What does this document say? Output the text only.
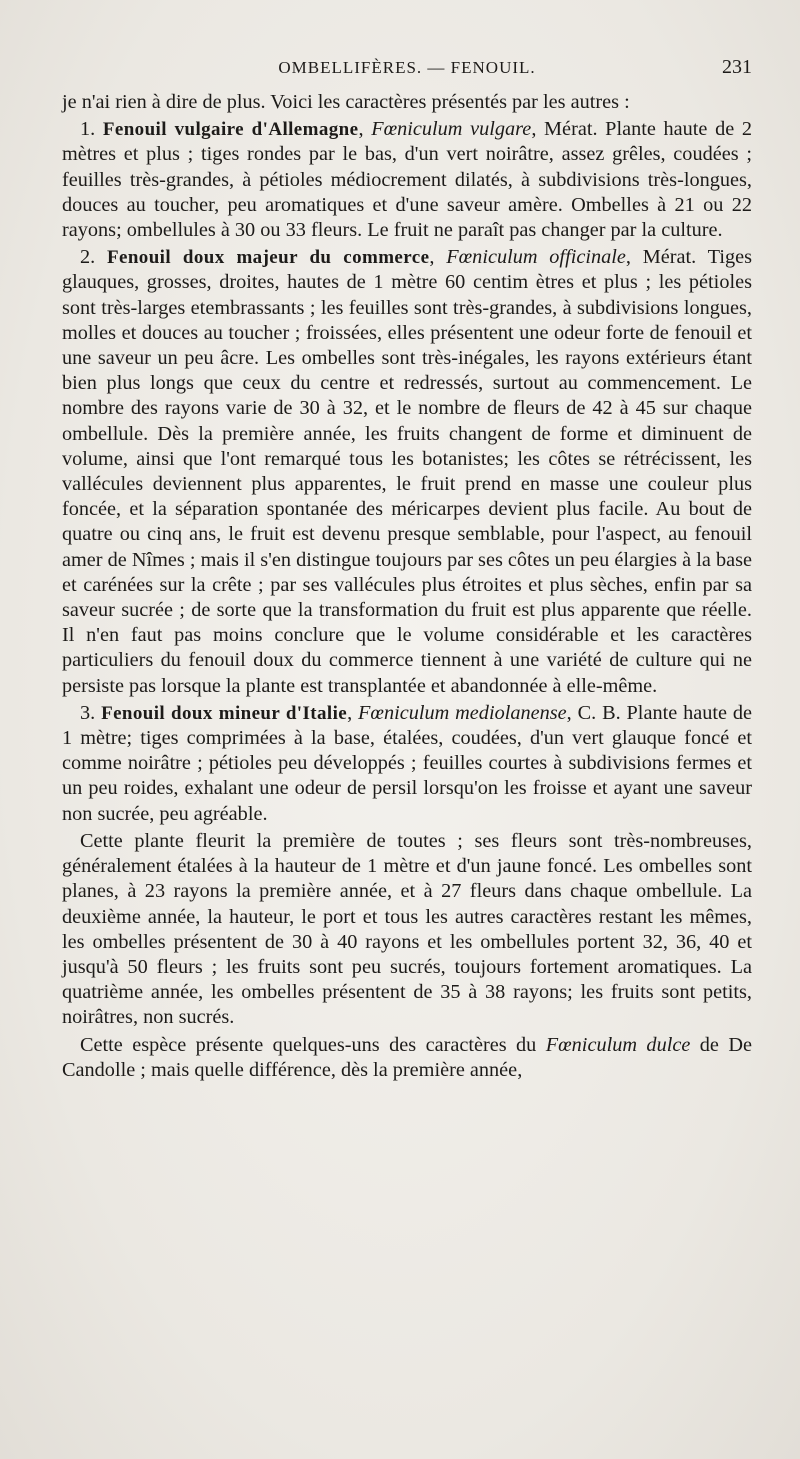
OMBELLIFÈRES. — FENOUIL.	231

je n'ai rien à dire de plus. Voici les caractères présentés par les autres :

1. Fenouil vulgaire d'Allemagne, Fœniculum vulgare, Mérat. Plante haute de 2 mètres et plus ; tiges rondes par le bas, d'un vert noirâtre, assez grêles, coudées ; feuilles très-grandes, à pétioles médiocrement dilatés, à subdivisions très-longues, douces au toucher, peu aromatiques et d'une saveur amère. Ombelles à 21 ou 22 rayons; ombellules à 30 ou 33 fleurs. Le fruit ne paraît pas changer par la culture.

2. Fenouil doux majeur du commerce, Fœniculum officinale, Mérat. Tiges glauques, grosses, droites, hautes de 1 mètre 60 centim ètres et plus ; les pétioles sont très-larges etembrassants ; les feuilles sont très-grandes, à subdivisions longues, molles et douces au toucher ; froissées, elles présentent une odeur forte de fenouil et une saveur un peu âcre. Les ombelles sont très-inégales, les rayons extérieurs étant bien plus longs que ceux du centre et redressés, surtout au commencement. Le nombre des rayons varie de 30 à 32, et le nombre de fleurs de 42 à 45 sur chaque ombellule. Dès la première année, les fruits changent de forme et diminuent de volume, ainsi que l'ont remarqué tous les botanistes; les côtes se rétrécissent, les vallécules deviennent plus apparentes, le fruit prend en masse une couleur plus foncée, et la séparation spontanée des méricarpes devient plus facile. Au bout de quatre ou cinq ans, le fruit est devenu presque semblable, pour l'aspect, au fenouil amer de Nîmes ; mais il s'en distingue toujours par ses côtes un peu élargies à la base et carénées sur la crête ; par ses vallécules plus étroites et plus sèches, enfin par sa saveur sucrée ; de sorte que la transformation du fruit est plus apparente que réelle. Il n'en faut pas moins conclure que le volume considérable et les caractères particuliers du fenouil doux du commerce tiennent à une variété de culture qui ne persiste pas lorsque la plante est transplantée et abandonnée à elle-même.

3. Fenouil doux mineur d'Italie, Fœniculum mediolanense, C. B. Plante haute de 1 mètre; tiges comprimées à la base, étalées, coudées, d'un vert glauque foncé et comme noirâtre ; pétioles peu développés ; feuilles courtes à subdivisions fermes et un peu roides, exhalant une odeur de persil lorsqu'on les froisse et ayant une saveur non sucrée, peu agréable.

Cette plante fleurit la première de toutes ; ses fleurs sont très-nombreuses, généralement étalées à la hauteur de 1 mètre et d'un jaune foncé. Les ombelles sont planes, à 23 rayons la première année, et à 27 fleurs dans chaque ombellule. La deuxième année, la hauteur, le port et tous les autres caractères restant les mêmes, les ombelles présentent de 30 à 40 rayons et les ombellules portent 32, 36, 40 et jusqu'à 50 fleurs ; les fruits sont peu sucrés, toujours fortement aromatiques. La quatrième année, les ombelles présentent de 35 à 38 rayons; les fruits sont petits, noirâtres, non sucrés.

Cette espèce présente quelques-uns des caractères du Fœniculum dulce de De Candolle ; mais quelle différence, dès la première année,
